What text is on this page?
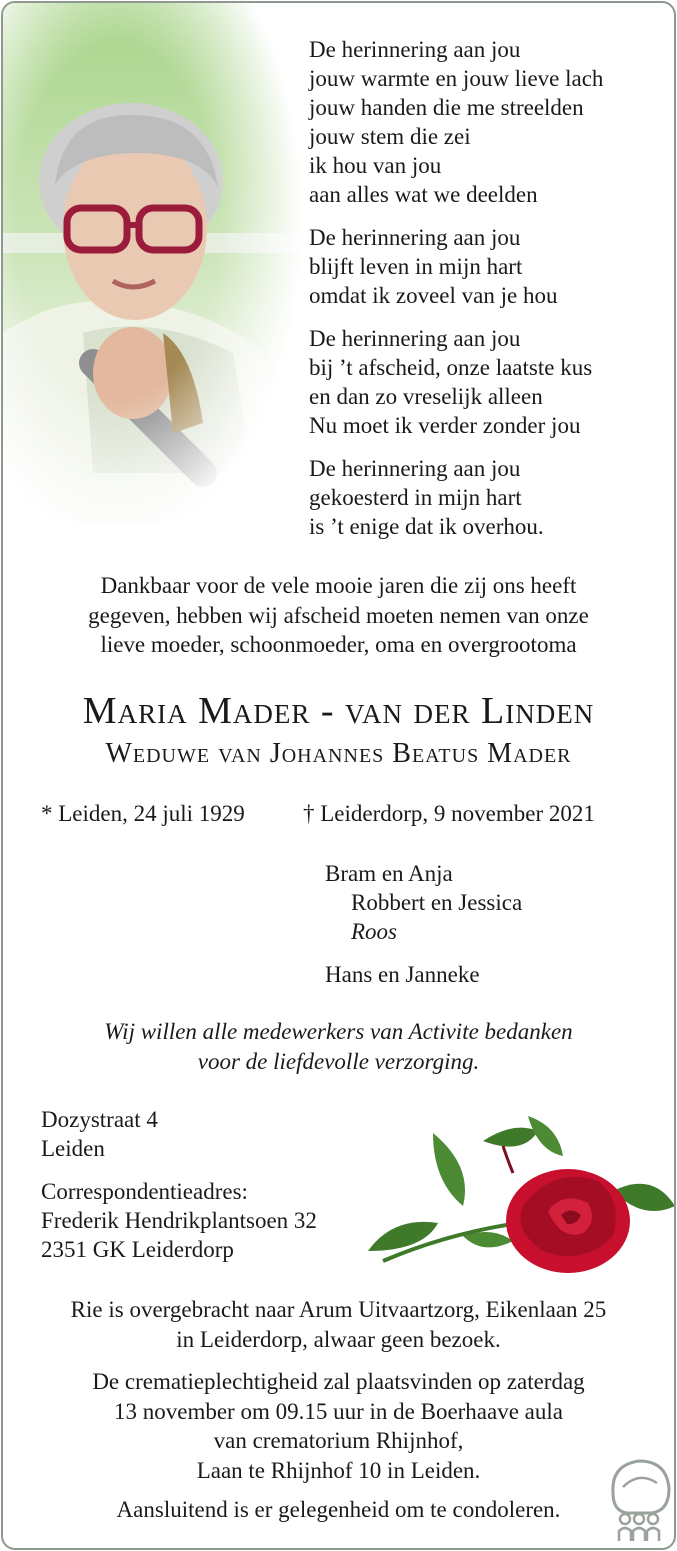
De herinnering aan jou
jouw warmte en jouw lieve lach
jouw handen die me streelden
jouw stem die zei
ik hou van jou
aan alles wat we deelden
De herinnering aan jou
blijft leven in mijn hart
omdat ik zoveel van je hou
De herinnering aan jou
bij ’t afscheid, onze laatste kus
en dan zo vreselijk alleen
Nu moet ik verder zonder jou
De herinnering aan jou
gekoesterd in mijn hart
is ’t enige dat ik overhou.
Dankbaar voor de vele mooie jaren die zij ons heeft
gegeven, hebben wij afscheid moeten nemen van onze
lieve moeder, schoonmoeder, oma en overgrootoma
Maria Mader - van der Linden
Weduwe van Johannes Beatus Mader
* Leiden, 24 juli 1929	† Leiderdorp, 9 november 2021
Bram en Anja
Robbert en Jessica
Roos
Hans en Janneke
Wij willen alle medewerkers van Activite bedanken
voor de liefdevolle verzorging.
Dozystraat 4
Leiden
Correspondentieadres:
Frederik Hendrikplantsoen 32
2351 GK Leiderdorp
Rie is overgebracht naar Arum Uitvaartzorg, Eikenlaan 25
in Leiderdorp, alwaar geen bezoek.
De crematieplechtigheid zal plaatsvinden op zaterdag
13 november om 09.15 uur in de Boerhaave aula
van crematorium Rhijnhof,
Laan te Rhijnhof 10 in Leiden.
Aansluitend is er gelegenheid om te condoleren.
